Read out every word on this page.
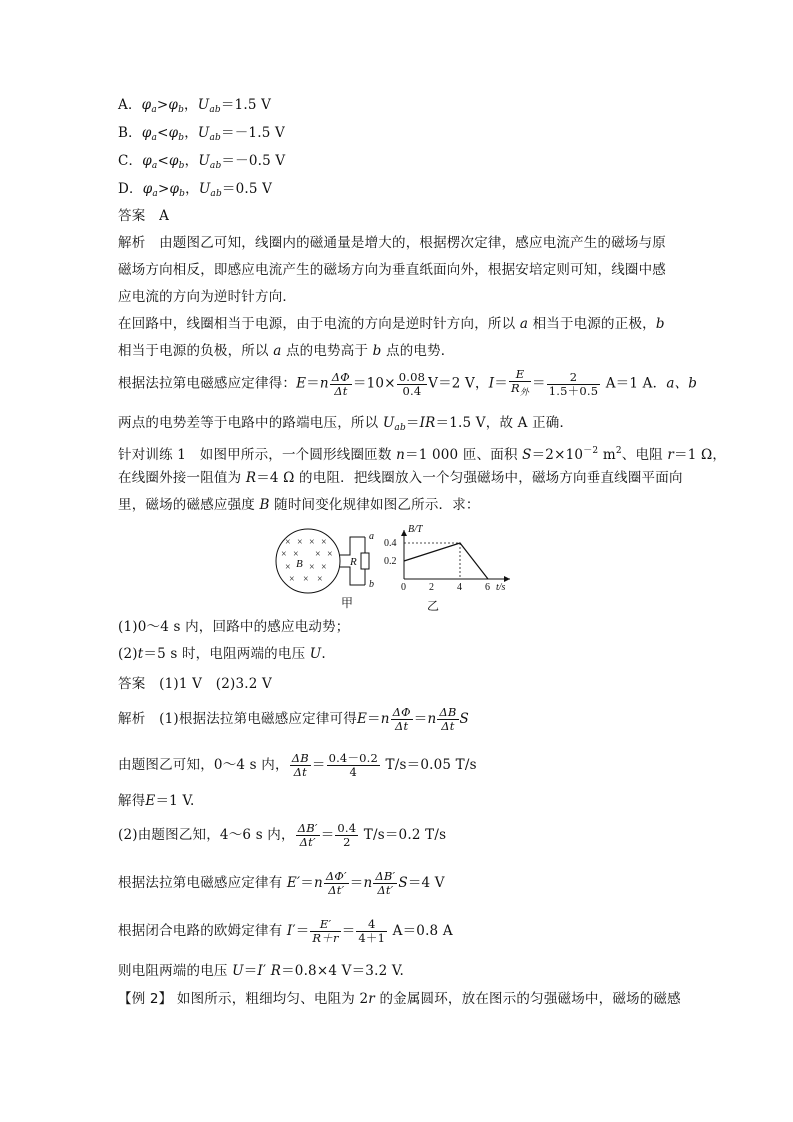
A．$\varphi_a>\varphi_b$，$U_{ab}=1.5$ V
B．$\varphi_a<\varphi_b$，$U_{ab}=-1.5$ V
C．$\varphi_a<\varphi_b$，$U_{ab}=-0.5$ V
D．$\varphi_a>\varphi_b$，$U_{ab}=0.5$ V
答案　 A
解析　 由题图乙可知，线圈内的磁通量是增大的，根据楞次定律，感应电流产生的磁场与原
磁场方向相反，即感应电流产生的磁场方向为垂直纸面向外，根据安培定则可知，线圈中感
应电流的方向为逆时针方向．
在回路中，线圈相当于电源，由于电流的方向是逆时针方向，所以 a 相当于电源的正极，b
相当于电源的负极，所以 a 点的电势高于 b 点的电势．
根据法拉第电磁感应定律得：$E=n \frac{\Delta\Phi}{\Delta t} =10\times \frac{0.08}{0.4} V=2$ V，$I= \frac{E}{R_外} = \frac{2}{1.5+0.5} A=1$ A．a、b
两点的电势差等于电路中的路端电压，所以 $U_{ab}=IR=1.5$ V，故 A 正确．
针对训练 1　如图甲所示，一个圆形线圈匝数 n＝1 000 匝、面积 $S=2\times 10^{-2}$ $m^2$、电阻 r＝1 Ω，
在线圈外接一阻值为 R＝4 Ω 的电阻．把线圈放入一个匀强磁场中，磁场方向垂直线圈平面向
里，磁场的磁感应强度 B 随时间变化规律如图乙所示．求：
× × × ×
× × × ×
× × ×
× × ×
B	R
a
b
甲	乙
B/T
t/s
0.2
0.4
0 2 4 6
(1)0～4 s 内，回路中的感应电动势；
(2)t＝5 s 时，电阻两端的电压 U.
答案　 (1)1 V　(2)3.2 V
解析　 (1)根据法拉第电磁感应定律可得$E=n \frac{\Delta\Phi}{\Delta t} =n \frac{\Delta B}{\Delta t}$ S
由题图乙可知，0～4 s 内， $\frac{\Delta B}{\Delta t} = \frac{0.4-0.2}{4} T/s=0.05$ T/s
解得E＝1 V.
(2)由题图乙知，4～6 s 内， $\frac{\Delta B'}{\Delta t'} = \frac{0.4}{2} T/s=0.2$ T/s
根据法拉第电磁感应定律有 $E'=n \frac{\Delta\Phi'}{\Delta t'} =n \frac{\Delta B'}{\Delta t'} S=4$ V
根据闭合电路的欧姆定律有 $I'= \frac{E'}{R+r} = \frac{4}{4+1} A=0.8$ A
则电阻两端的电压 U＝I′ R＝0.8×4 V＝3.2 V.
【例 2】 如图所示，粗细均匀、电阻为 2r 的金属圆环，放在图示的匀强磁场中，磁场的磁感
